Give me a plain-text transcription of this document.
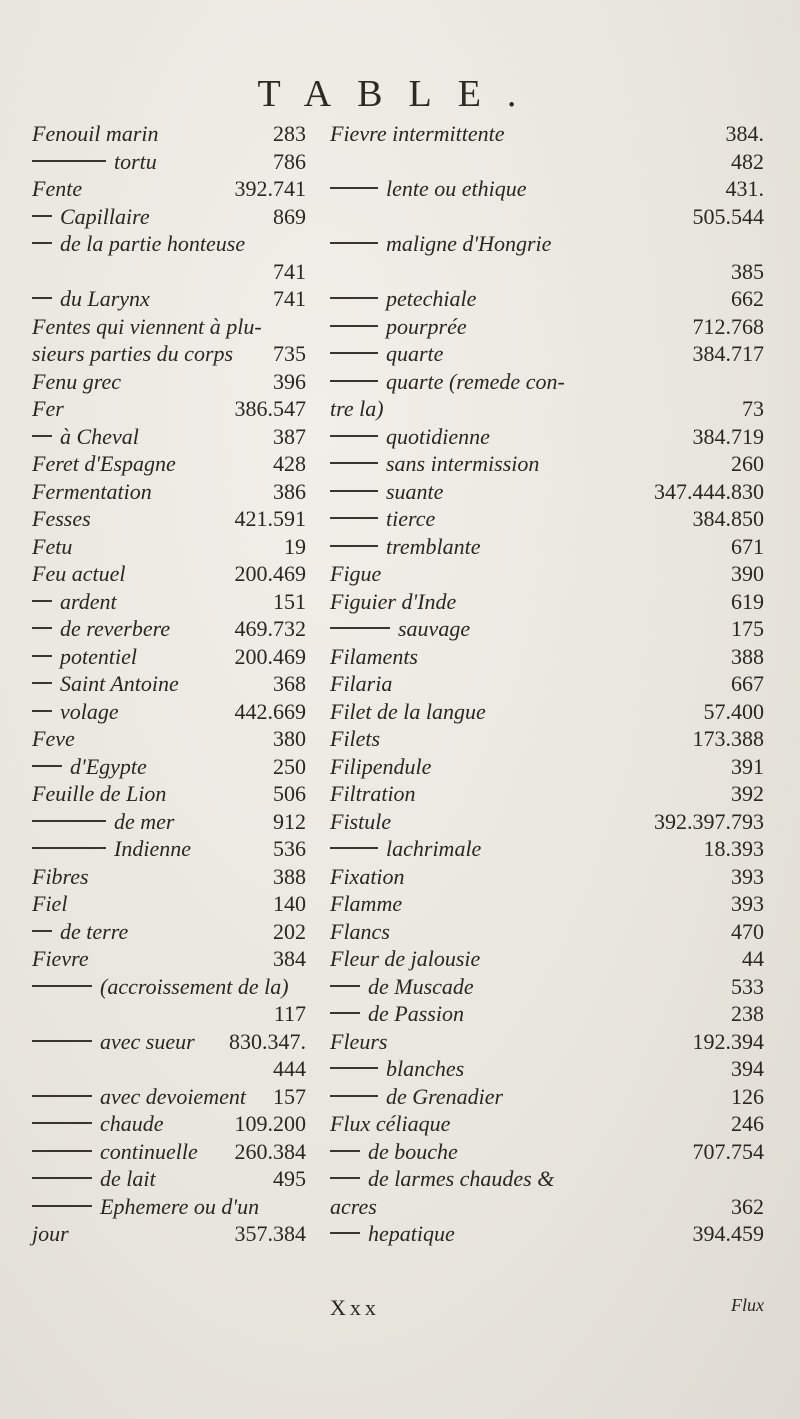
TABLE.
Fenouil marin	283
tortu	786
Fente	392.741
Capillaire	869
de la partie honteuse
741
du Larynx	741
Fentes qui viennent à plu-
sieurs parties du corps 735
Fenu grec	396
Fer	386.547
à Cheval	387
Feret d'Espagne	428
Fermentation	386
Fesses	421.591
Fetu	19
Feu actuel	200.469
ardent	151
de reverbere	469.732
potentiel	200.469
Saint Antoine	368
volage	442.669
Feve	380
d'Egypte	250
Feuille de Lion	506
de mer	912
Indienne	536
Fibres	388
Fiel	140
de terre	202
Fievre	384
(accroissement de la)
117
avec sueur 830.347.
444
avec devoiement 157
chaude	109.200
continuelle 260.384
de lait	495
Ephemere ou d'un
jour	357.384
Fievre intermittente	384.
482
lente ou ethique	431.
505.544
maligne d'Hongrie
385
petechiale	662
pourprée	712.768
quarte	384.717
quarte (remede con-
tre la)	73
quotidienne	384.719
sans intermission	260
suante	347.444.830
tierce	384.850
tremblante	671
Figue	390
Figuier d'Inde	619
sauvage	175
Filaments	388
Filaria	667
Filet de la langue	57.400
Filets	173.388
Filipendule	391
Filtration	392
Fistule	392.397.793
lachrimale	18.393
Fixation	393
Flamme	393
Flancs	470
Fleur de jalousie	44
de Muscade	533
de Passion	238
Fleurs	192.394
blanches	394
de Grenadier	126
Flux céliaque	246
de bouche	707.754
de larmes chaudes &
acres	362
hepatique	394.459
Xxx	Flux
